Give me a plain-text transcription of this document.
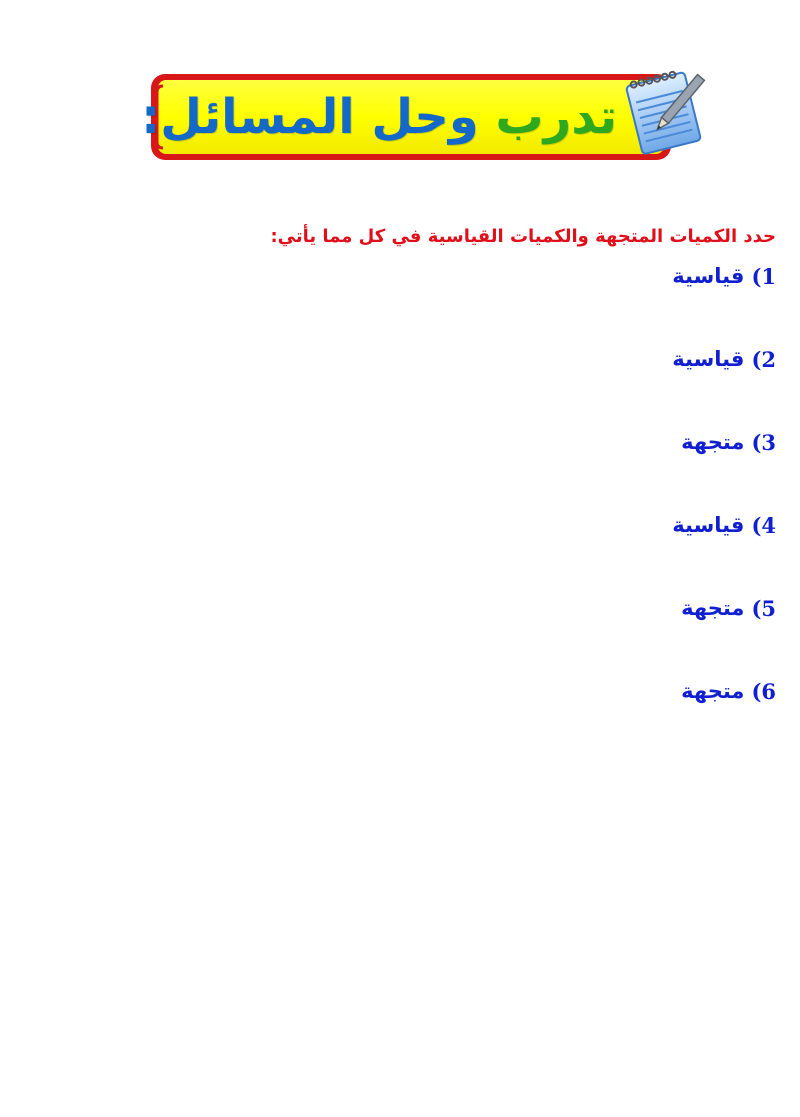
تدرب وحل المسائل:
حدد الكميات المتجهة والكميات القياسية في كل مما يأتي:
1)
قياسية
2)
قياسية
3)
متجهة
4)
قياسية
5)
متجهة
6)
متجهة
